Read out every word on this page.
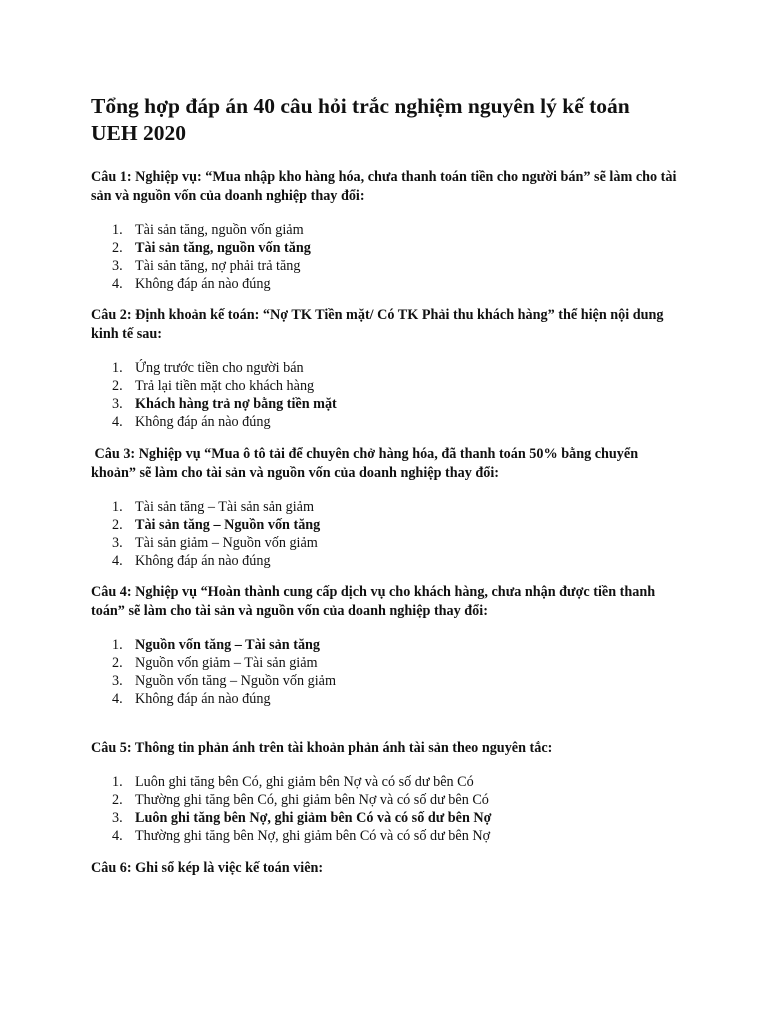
Tổng hợp đáp án 40 câu hỏi trắc nghiệm nguyên lý kế toán UEH 2020

Câu 1: Nghiệp vụ: “Mua nhập kho hàng hóa, chưa thanh toán tiền cho người bán” sẽ làm cho tài sản và nguồn vốn của doanh nghiệp thay đổi:

1. Tài sản tăng, nguồn vốn giảm
2. Tài sản tăng, nguồn vốn tăng
3. Tài sản tăng, nợ phải trả tăng
4. Không đáp án nào đúng

Câu 2: Định khoản kế toán: “Nợ TK Tiền mặt/ Có TK Phải thu khách hàng” thể hiện nội dung kinh tế sau:

1. Ứng trước tiền cho người bán
2. Trả lại tiền mặt cho khách hàng
3. Khách hàng trả nợ bằng tiền mặt
4. Không đáp án nào đúng

Câu 3: Nghiệp vụ “Mua ô tô tải để chuyên chở hàng hóa, đã thanh toán 50% bằng chuyển khoản” sẽ làm cho tài sản và nguồn vốn của doanh nghiệp thay đổi:

1. Tài sản tăng – Tài sản sản giảm
2. Tài sản tăng – Nguồn vốn tăng
3. Tài sản giảm – Nguồn vốn giảm
4. Không đáp án nào đúng

Câu 4: Nghiệp vụ “Hoàn thành cung cấp dịch vụ cho khách hàng, chưa nhận được tiền thanh toán” sẽ làm cho tài sản và nguồn vốn của doanh nghiệp thay đổi:

1. Nguồn vốn tăng – Tài sản tăng
2. Nguồn vốn giảm – Tài sản giảm
3. Nguồn vốn tăng – Nguồn vốn giảm
4. Không đáp án nào đúng

Câu 5: Thông tin phản ánh trên tài khoản phản ánh tài sản theo nguyên tắc:

1. Luôn ghi tăng bên Có, ghi giảm bên Nợ và có số dư bên Có
2. Thường ghi tăng bên Có, ghi giảm bên Nợ và có số dư bên Có
3. Luôn ghi tăng bên Nợ, ghi giảm bên Có và có số dư bên Nợ
4. Thường ghi tăng bên Nợ, ghi giảm bên Có và có số dư bên Nợ

Câu 6: Ghi sổ kép là việc kế toán viên:
